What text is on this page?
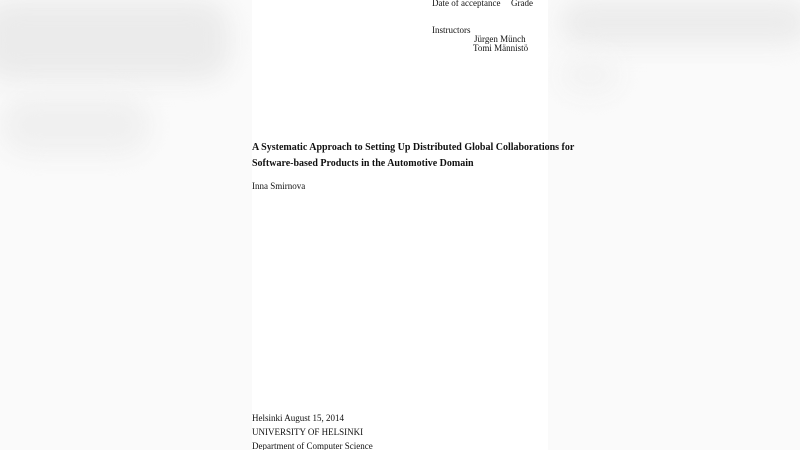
Date of acceptance Grade
Instructors
Jürgen Münch
Tomi Männistö
A Systematic Approach to Setting Up Distributed Global Collaborations for
Software-based Products in the Automotive Domain
Inna Smirnova
Helsinki August 15, 2014
UNIVERSITY OF HELSINKI
Department of Computer Science
